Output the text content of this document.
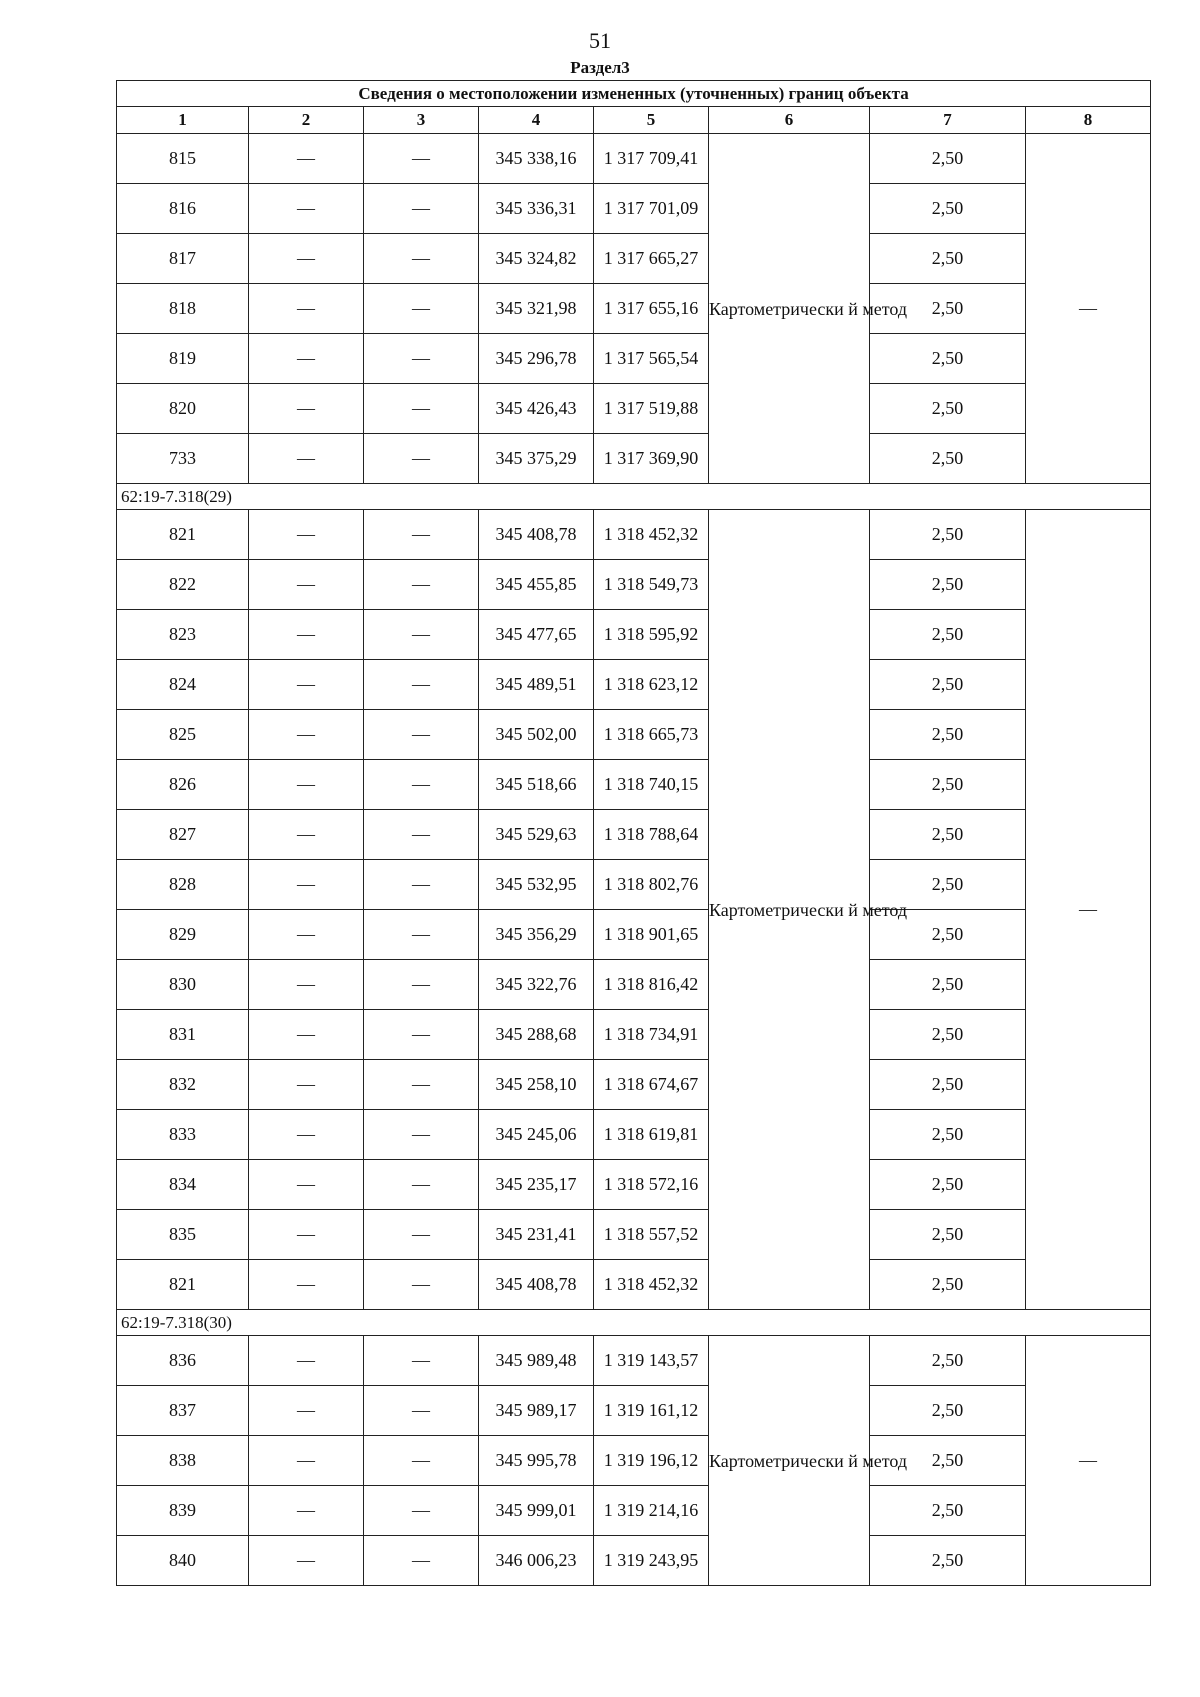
51
Раздел3
Сведения о местоположении измененных (уточненных) границ объекта							
1	2	3	4	5	6	7	8
815	—	—	345 338,16	1 317 709,41	Картометрически й метод	2,50	—
816	—	—	345 336,31	1 317 701,09		2,50	
817	—	—	345 324,82	1 317 665,27		2,50	
818	—	—	345 321,98	1 317 655,16		2,50	
819	—	—	345 296,78	1 317 565,54		2,50	
820	—	—	345 426,43	1 317 519,88		2,50	
733	—	—	345 375,29	1 317 369,90		2,50	
62:19-7.318(29)							
821	—	—	345 408,78	1 318 452,32	Картометрически й метод	2,50	—
822	—	—	345 455,85	1 318 549,73		2,50	
823	—	—	345 477,65	1 318 595,92		2,50	
824	—	—	345 489,51	1 318 623,12		2,50	
825	—	—	345 502,00	1 318 665,73		2,50	
826	—	—	345 518,66	1 318 740,15		2,50	
827	—	—	345 529,63	1 318 788,64		2,50	
828	—	—	345 532,95	1 318 802,76		2,50	
829	—	—	345 356,29	1 318 901,65		2,50	
830	—	—	345 322,76	1 318 816,42		2,50	
831	—	—	345 288,68	1 318 734,91		2,50	
832	—	—	345 258,10	1 318 674,67		2,50	
833	—	—	345 245,06	1 318 619,81		2,50	
834	—	—	345 235,17	1 318 572,16		2,50	
835	—	—	345 231,41	1 318 557,52		2,50	
821	—	—	345 408,78	1 318 452,32		2,50	
62:19-7.318(30)							
836	—	—	345 989,48	1 319 143,57	Картометрически й метод	2,50	—
837	—	—	345 989,17	1 319 161,12		2,50	
838	—	—	345 995,78	1 319 196,12		2,50	
839	—	—	345 999,01	1 319 214,16		2,50	
840	—	—	346 006,23	1 319 243,95		2,50	
